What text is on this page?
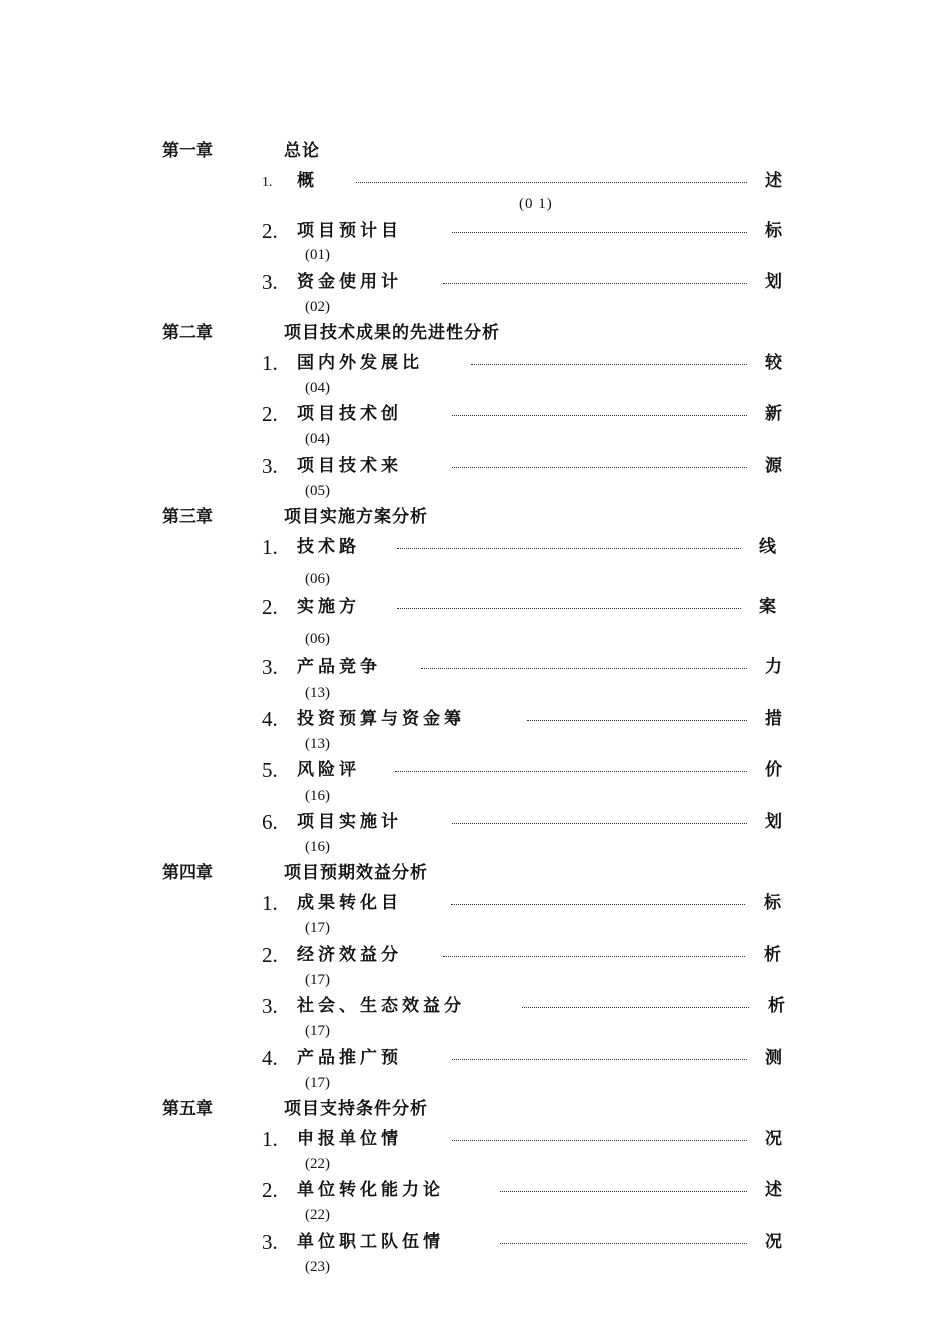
第一章	总论
1. 概	述
(0 1)
2. 项目预计目	标
(01)
3. 资金使用计	划
(02)
第二章	项目技术成果的先进性分析
1. 国内外发展比	较
(04)
2. 项目技术创	新
(04)
3. 项目技术来	源
(05)
第三章	项目实施方案分析
1. 技术路	线
(06)
2. 实施方	案
(06)
3. 产品竞争	力
(13)
4. 投资预算与资金筹	措
(13)
5. 风险评	价
(16)
6. 项目实施计	划
(16)
第四章	项目预期效益分析
1. 成果转化目	标
(17)
2. 经济效益分	析
(17)
3. 社会、生态效益分	析
(17)
4. 产品推广预	测
(17)
第五章	项目支持条件分析
1. 申报单位情	况
(22)
2. 单位转化能力论	述
(22)
3. 单位职工队伍情	况
(23)
